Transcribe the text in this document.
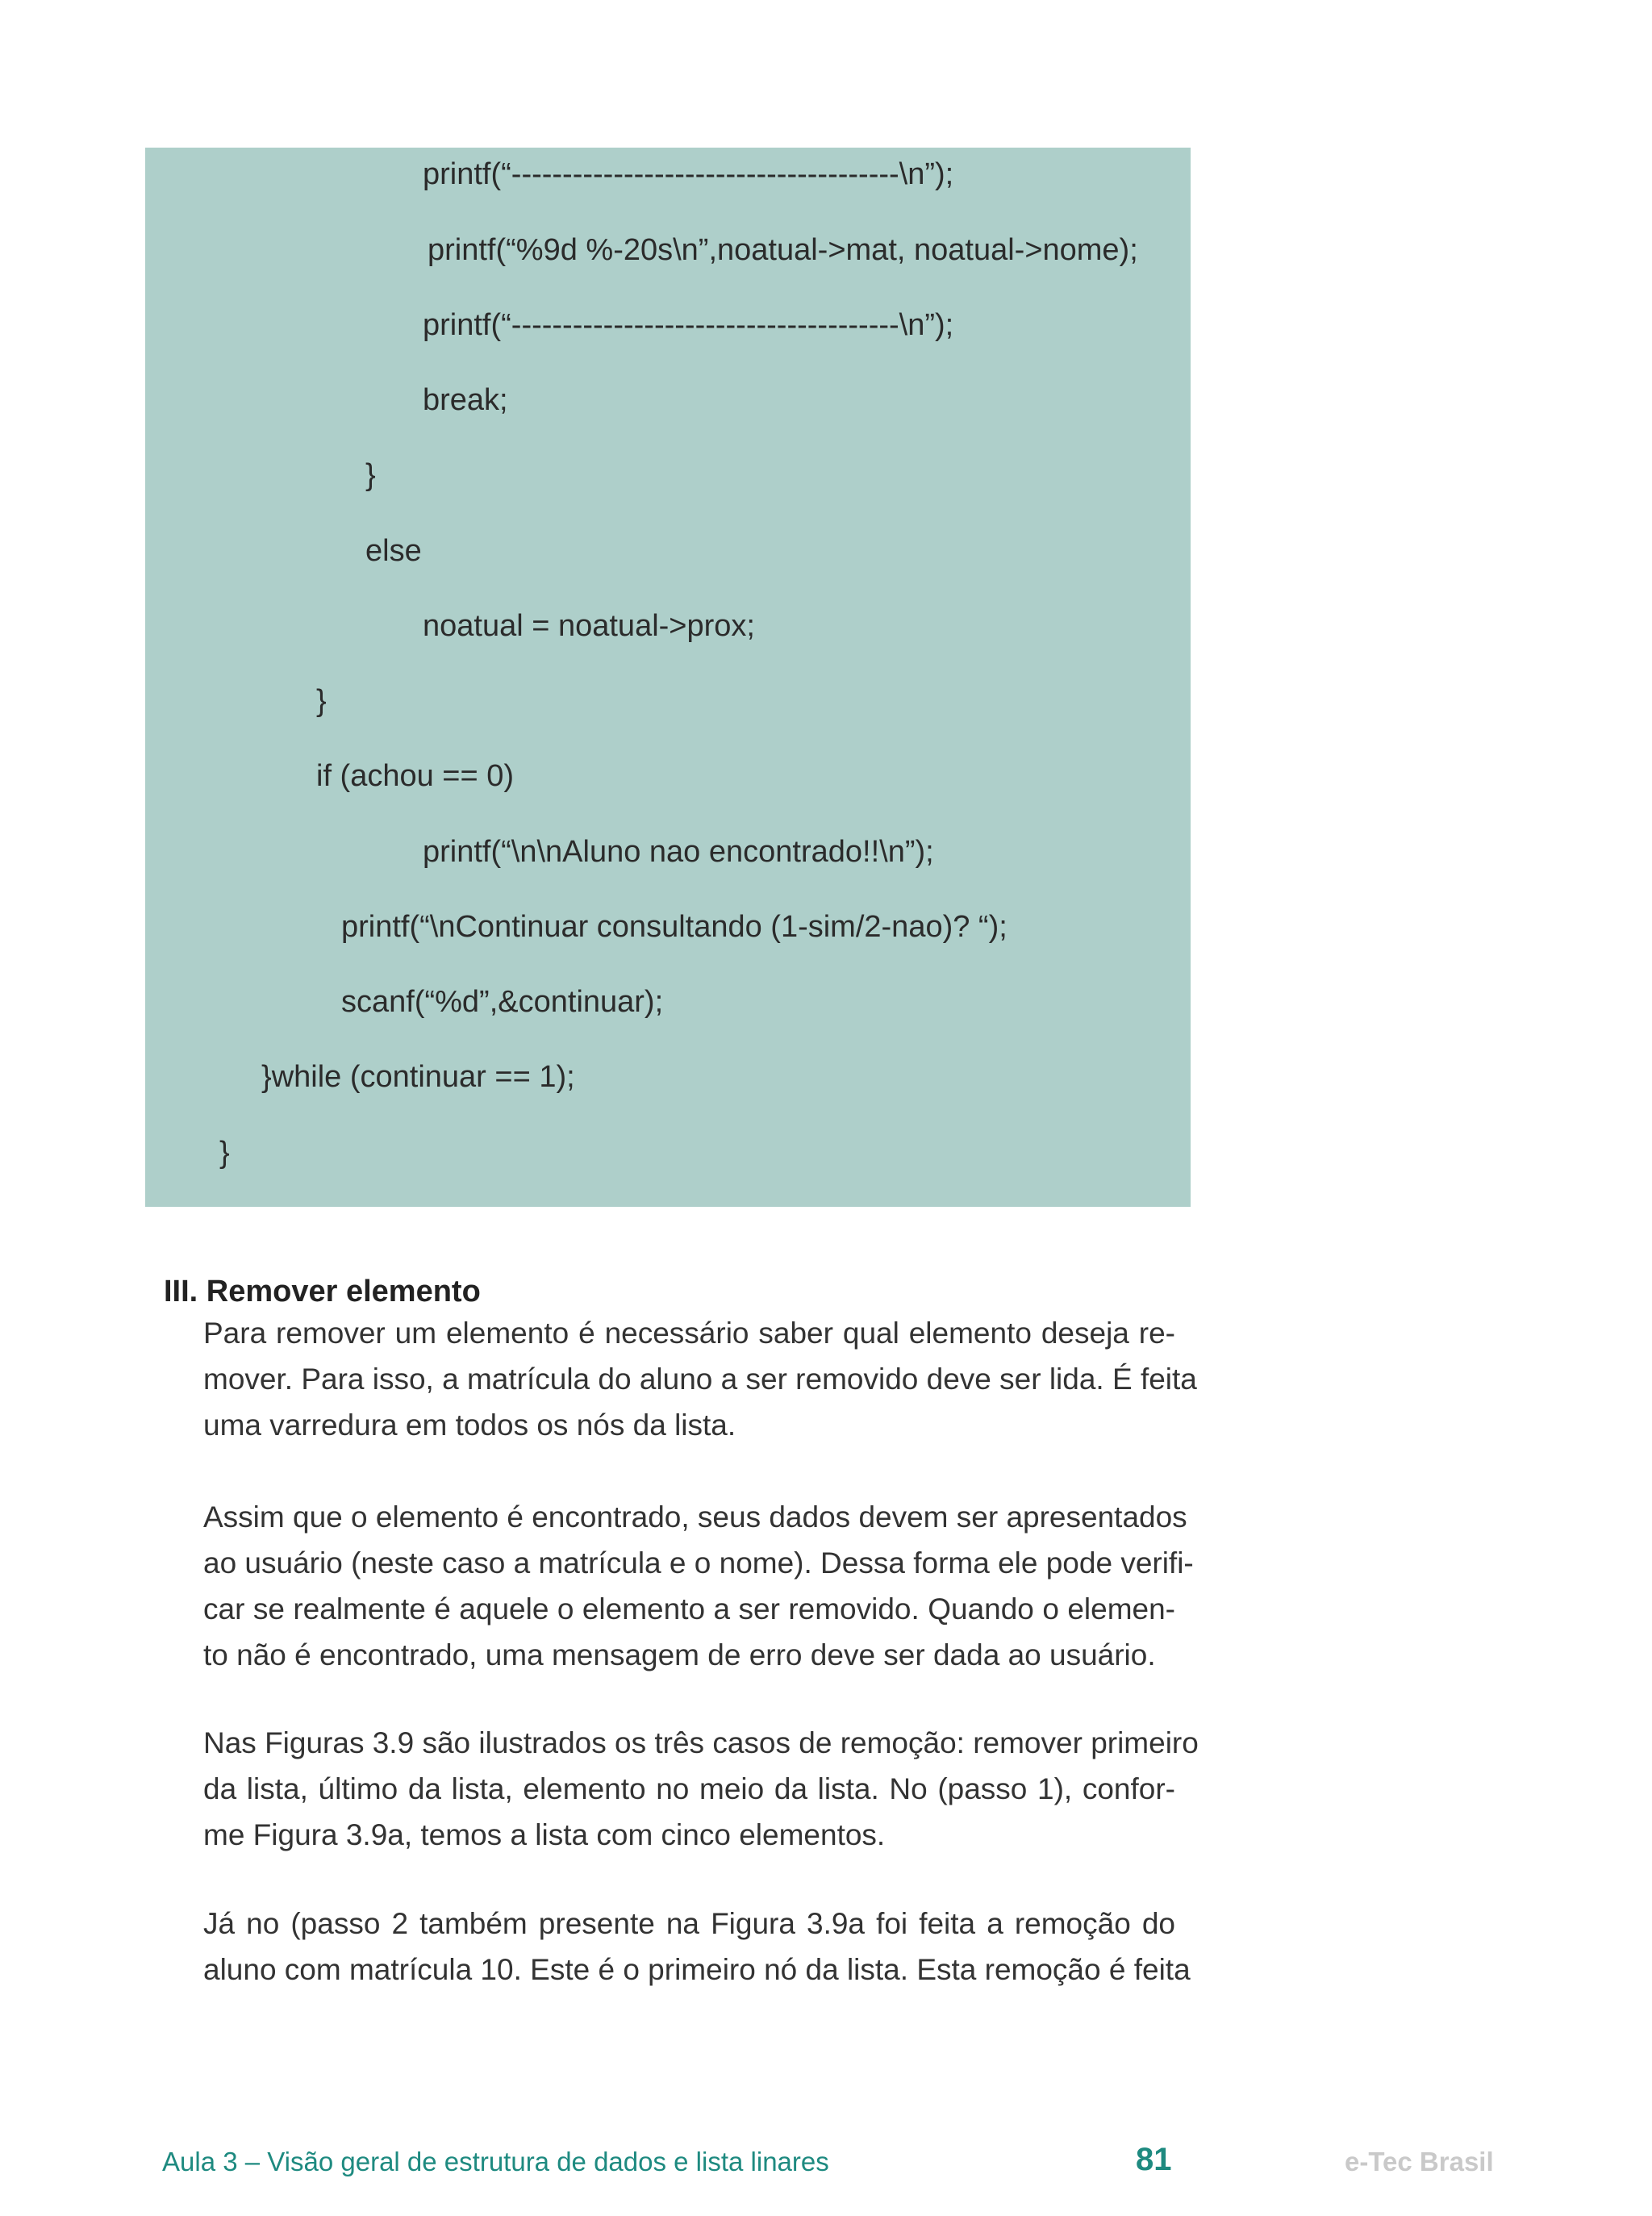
printf(“--------------------------------------\n”);
printf(“%9d %-20s\n”,noatual->mat, noatual->nome);
printf(“--------------------------------------\n”);
break;
}
else
noatual = noatual->prox;
}
if (achou == 0)
printf(“\n\nAluno nao encontrado!!\n”);
printf(“\nContinuar consultando (1-sim/2-nao)? “);
scanf(“%d”,&continuar);
}while (continuar == 1);
}
III. Remover elemento
Para remover um elemento é necessário saber qual elemento deseja re-
mover. Para isso, a matrícula do aluno a ser removido deve ser lida. É feita
uma varredura em todos os nós da lista.
Assim que o elemento é encontrado, seus dados devem ser apresentados
ao usuário (neste caso a matrícula e o nome). Dessa forma ele pode verifi-
car se realmente é aquele o elemento a ser removido. Quando o elemen-
to não é encontrado, uma mensagem de erro deve ser dada ao usuário.
Nas Figuras 3.9 são ilustrados os três casos de remoção: remover primeiro
da lista, último da lista, elemento no meio da lista. No (passo 1), confor-
me Figura 3.9a, temos a lista com cinco elementos.
Já no (passo 2 também presente na Figura 3.9a foi feita a remoção do
aluno com matrícula 10. Este é o primeiro nó da lista. Esta remoção é feita
Aula 3 – Visão geral de estrutura de dados e lista linares	81	e-Tec Brasil
